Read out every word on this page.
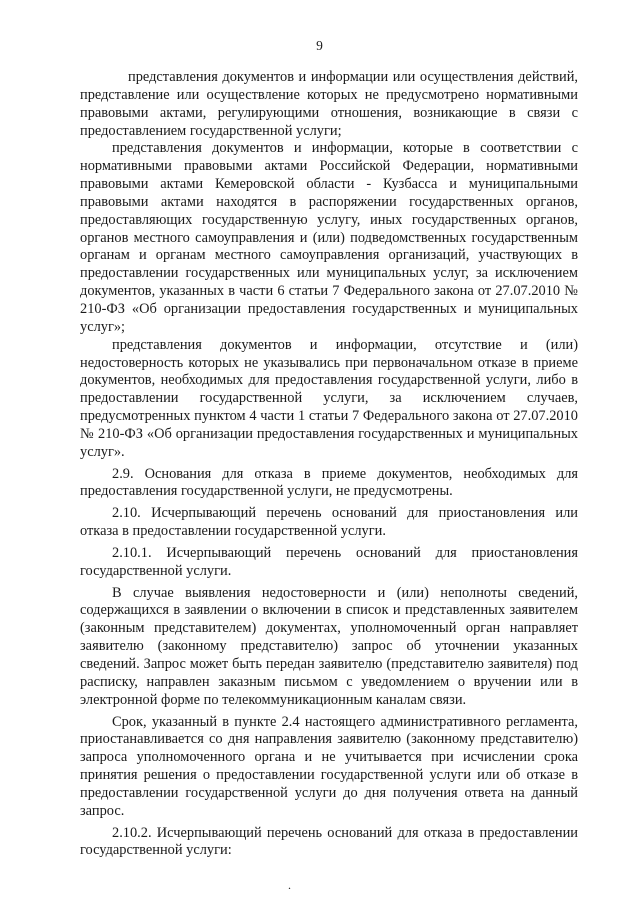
9

представления документов и информации или осуществления действий, представление или осуществление которых не предусмотрено нормативными правовыми актами, регулирующими отношения, возникающие в связи с предоставлением государственной услуги;

представления документов и информации, которые в соответствии с нормативными правовыми актами Российской Федерации, нормативными правовыми актами Кемеровской области - Кузбасса и муниципальными правовыми актами находятся в распоряжении государственных органов, предоставляющих государственную услугу, иных государственных органов, органов местного самоуправления и (или) подведомственных государственным органам и органам местного самоуправления организаций, участвующих в предоставлении государственных или муниципальных услуг, за исключением документов, указанных в части 6 статьи 7 Федерального закона от 27.07.2010 № 210-ФЗ «Об организации предоставления государственных и муниципальных услуг»;

представления документов и информации, отсутствие и (или) недостоверность которых не указывались при первоначальном отказе в приеме документов, необходимых для предоставления государственной услуги, либо в предоставлении государственной услуги, за исключением случаев, предусмотренных пунктом 4 части 1 статьи 7 Федерального закона от 27.07.2010 № 210-ФЗ «Об организации предоставления государственных и муниципальных услуг».

2.9. Основания для отказа в приеме документов, необходимых для предоставления государственной услуги, не предусмотрены.

2.10. Исчерпывающий перечень оснований для приостановления или отказа в предоставлении государственной услуги.

2.10.1. Исчерпывающий перечень оснований для приостановления государственной услуги.

В случае выявления недостоверности и (или) неполноты сведений, содержащихся в заявлении о включении в список и представленных заявителем (законным представителем) документах, уполномоченный орган направляет заявителю (законному представителю) запрос об уточнении указанных сведений. Запрос может быть передан заявителю (представителю заявителя) под расписку, направлен заказным письмом с уведомлением о вручении или в электронной форме по телекоммуникационным каналам связи.

Срок, указанный в пункте 2.4 настоящего административного регламента, приостанавливается со дня направления заявителю (законному представителю) запроса уполномоченного органа и не учитывается при исчислении срока принятия решения о предоставлении государственной услуги или об отказе в предоставлении государственной услуги до дня получения ответа на данный запрос.

2.10.2. Исчерпывающий перечень оснований для отказа в предоставлении государственной услуги:

.
